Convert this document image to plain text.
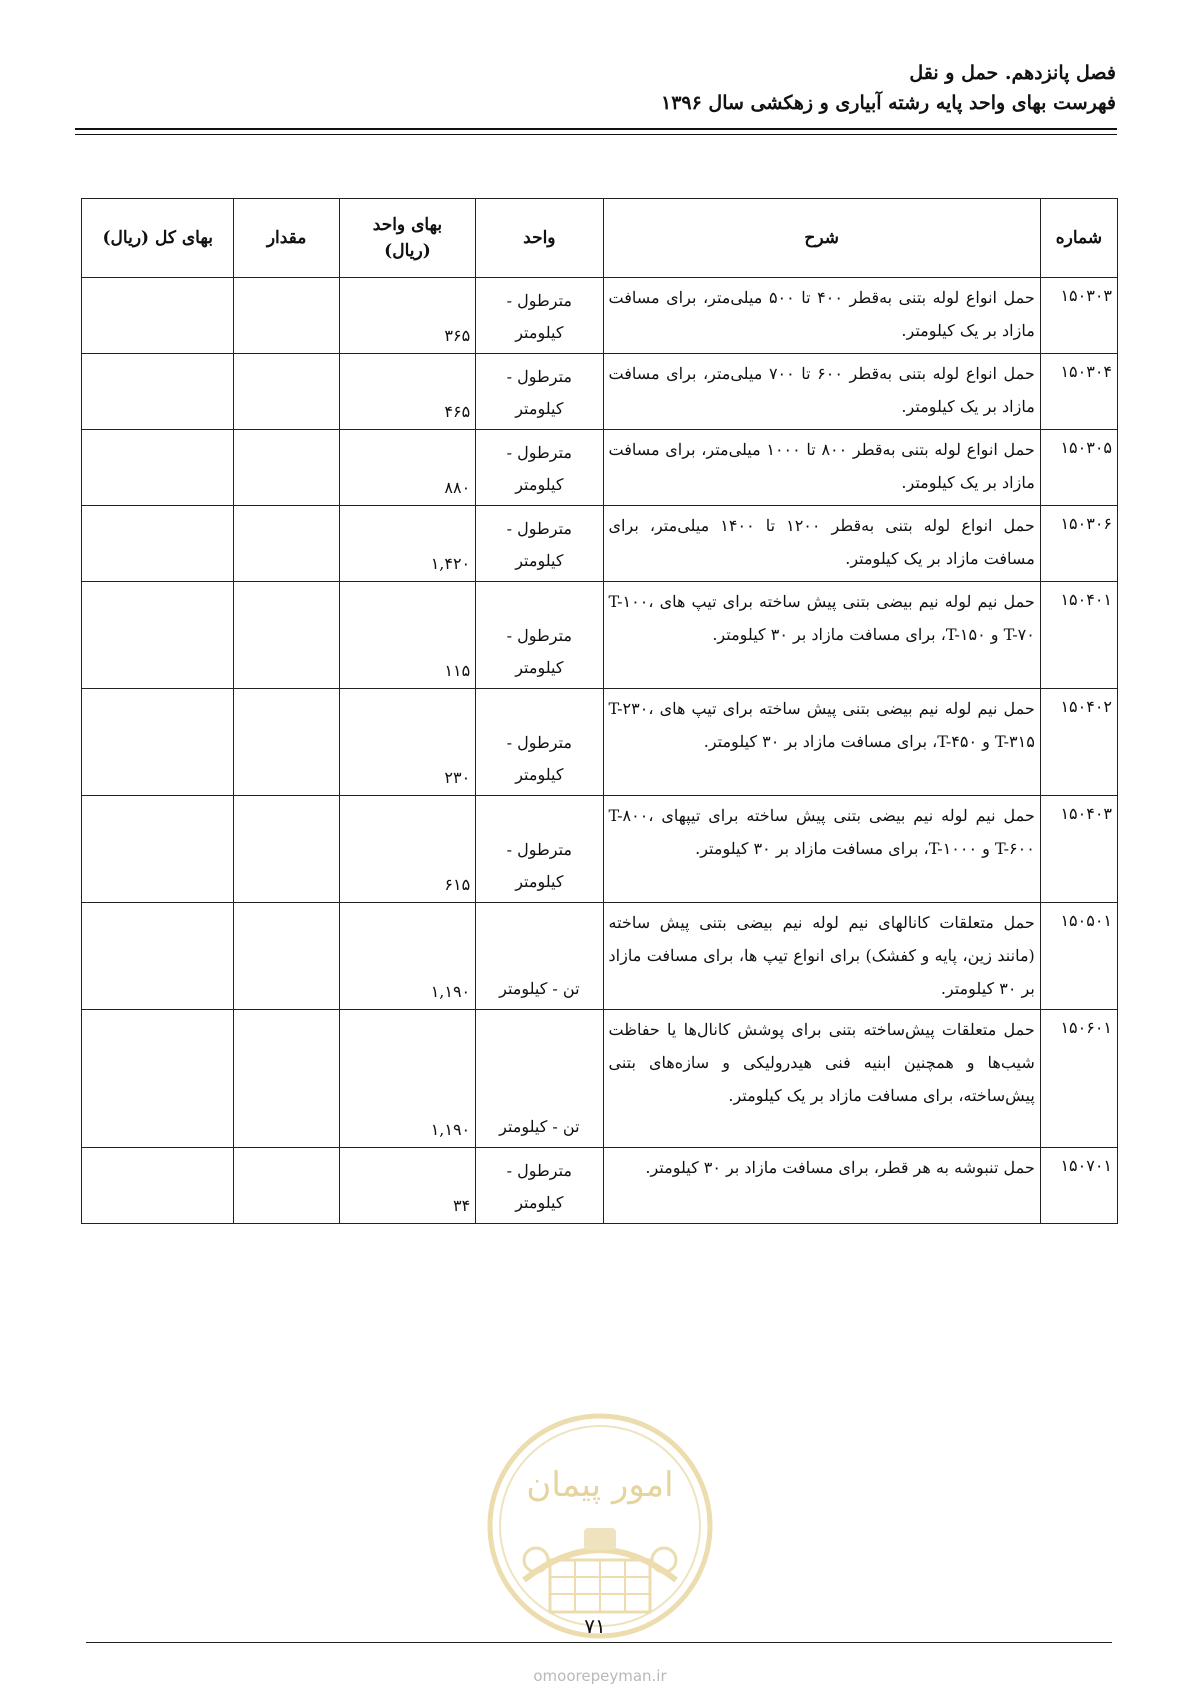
فصل پانزدهم. حمل و نقل
فهرست بهای واحد پایه رشته آبیاری و زهکشی سال ۱۳۹۶
شماره	شرح	واحد	بهای واحد
(ریال)	مقدار	بهای کل (ریال)
۱۵۰۳۰۳	حمل انواع لوله بتنی به‌قطر ۴۰۰ تا ۵۰۰ میلی‌متر، برای مسافت مازاد بر یک کیلومتر.	مترطول -
کیلومتر	۳۶۵		
۱۵۰۳۰۴	حمل انواع لوله بتنی به‌قطر ۶۰۰ تا ۷۰۰ میلی‌متر، برای مسافت مازاد بر یک کیلومتر.	مترطول -
کیلومتر	۴۶۵		
۱۵۰۳۰۵	حمل انواع لوله بتنی به‌قطر ۸۰۰ تا ۱۰۰۰ میلی‌متر، برای مسافت مازاد بر یک کیلومتر.	مترطول -
کیلومتر	۸۸۰		
۱۵۰۳۰۶	حمل انواع لوله بتنی به‌قطر ۱۲۰۰ تا ۱۴۰۰ میلی‌متر، برای مسافت مازاد بر یک کیلومتر.	مترطول -
کیلومتر	۱,۴۲۰		
۱۵۰۴۰۱	حمل نیم لوله نیم بیضی بتنی پیش ساخته برای تیپ های T-۱۰۰، T-۷۰ و T-۱۵۰، برای مسافت مازاد بر ۳۰ کیلومتر.	مترطول -
کیلومتر	۱۱۵		
۱۵۰۴۰۲	حمل نیم لوله نیم بیضی بتنی پیش ساخته برای تیپ های T-۲۳۰، T-۳۱۵ و T-۴۵۰، برای مسافت مازاد بر ۳۰ کیلومتر.	مترطول -
کیلومتر	۲۳۰		
۱۵۰۴۰۳	حمل نیم لوله نیم بیضی بتنی پیش ساخته برای تیپهای T-۸۰۰، T-۶۰۰ و T-۱۰۰۰، برای مسافت مازاد بر ۳۰ کیلومتر.	مترطول -
کیلومتر	۶۱۵		
۱۵۰۵۰۱	حمل متعلقات کانالهای نیم لوله نیم بیضی بتنی پیش ساخته (مانند زین، پایه و کفشک) برای انواع تیپ ها، برای مسافت مازاد بر ۳۰ کیلومتر.	تن - کیلومتر	۱,۱۹۰		
۱۵۰۶۰۱	حمل متعلقات پیش‌ساخته بتنی برای پوشش کانال‌ها یا حفاظت شیب‌ها و همچنین ابنیه فنی هیدرولیکی و سازه‌های بتنی پیش‌ساخته، برای مسافت مازاد بر یک کیلومتر.	تن - کیلومتر	۱,۱۹۰		
۱۵۰۷۰۱	حمل تنبوشه به هر قطر، برای مسافت مازاد بر ۳۰ کیلومتر.	مترطول -
کیلومتر	۳۴		
امور پیمان
۷۱
omoorepeyman.ir
